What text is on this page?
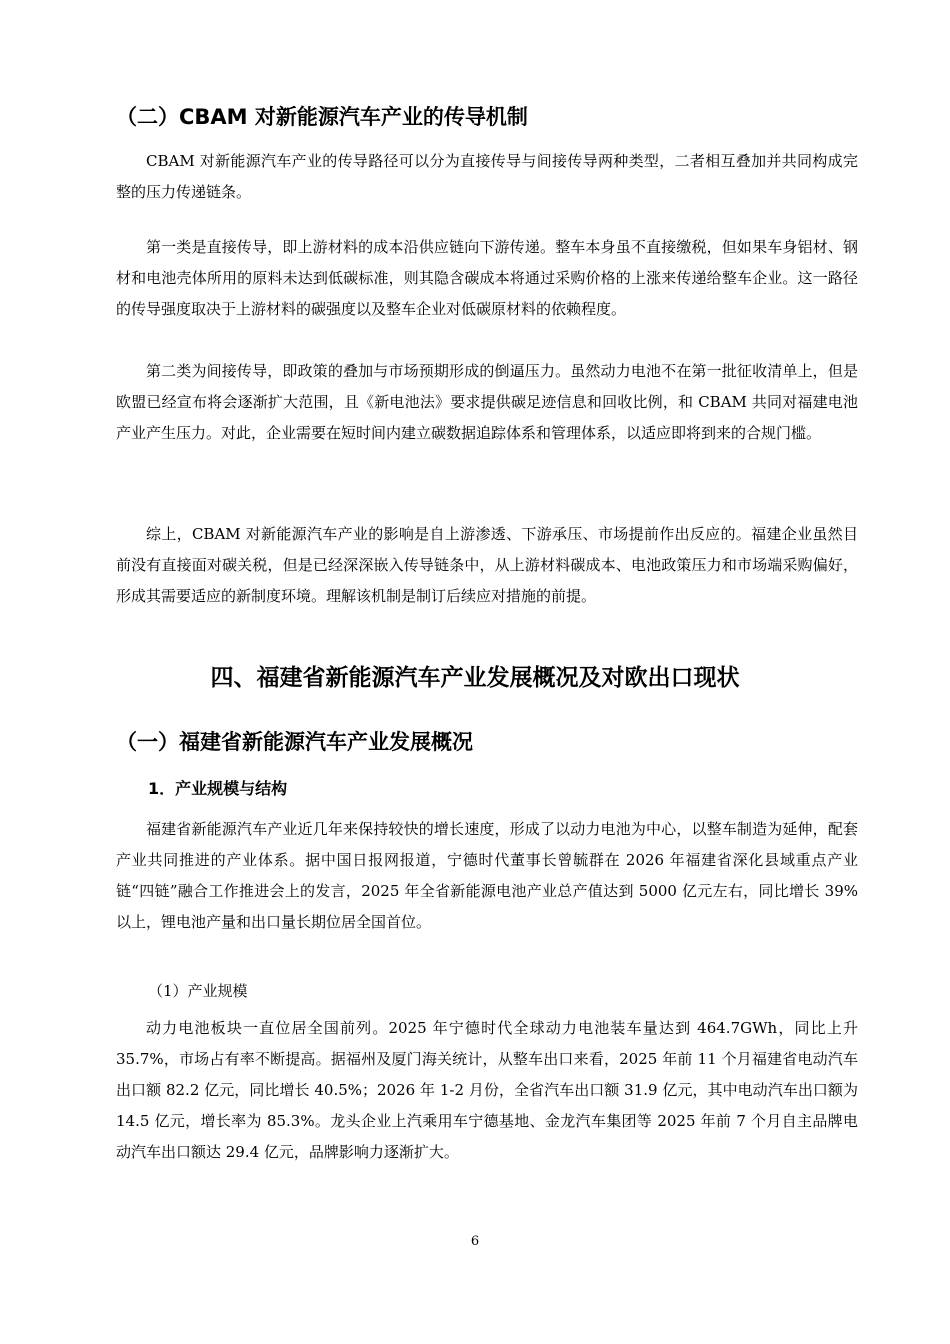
（二）CBAM 对新能源汽车产业的传导机制

CBAM 对新能源汽车产业的传导路径可以分为直接传导与间接传导两种类型，二者相互叠加并共同构成完整的压力传递链条。

第一类是直接传导，即上游材料的成本沿供应链向下游传递。整车本身虽不直接缴税，但如果车身铝材、钢材和电池壳体所用的原料未达到低碳标准，则其隐含碳成本将通过采购价格的上涨来传递给整车企业。这一路径的传导强度取决于上游材料的碳强度以及整车企业对低碳原材料的依赖程度。

第二类为间接传导，即政策的叠加与市场预期形成的倒逼压力。虽然动力电池不在第一批征收清单上，但是欧盟已经宣布将会逐渐扩大范围，且《新电池法》要求提供碳足迹信息和回收比例，和 CBAM 共同对福建电池产业产生压力。对此，企业需要在短时间内建立碳数据追踪体系和管理体系，以适应即将到来的合规门槛。

综上，CBAM 对新能源汽车产业的影响是自上游渗透、下游承压、市场提前作出反应的。福建企业虽然目前没有直接面对碳关税，但是已经深深嵌入传导链条中，从上游材料碳成本、电池政策压力和市场端采购偏好，形成其需要适应的新制度环境。理解该机制是制订后续应对措施的前提。

四、福建省新能源汽车产业发展概况及对欧出口现状
（一）福建省新能源汽车产业发展概况
1．产业规模与结构

福建省新能源汽车产业近几年来保持较快的增长速度，形成了以动力电池为中心，以整车制造为延伸，配套产业共同推进的产业体系。据中国日报网报道，宁德时代董事长曾毓群在 2026 年福建省深化县域重点产业链“四链”融合工作推进会上的发言，2025 年全省新能源电池产业总产值达到 5000 亿元左右，同比增长 39%以上，锂电池产量和出口量长期位居全国首位。

（1）产业规模

动力电池板块一直位居全国前列。2025 年宁德时代全球动力电池装车量达到 464.7GWh，同比上升 35.7%，市场占有率不断提高。据福州及厦门海关统计，从整车出口来看，2025 年前 11 个月福建省电动汽车出口额 82.2 亿元，同比增长 40.5%；2026 年 1-2 月份，全省汽车出口额 31.9 亿元，其中电动汽车出口额为 14.5 亿元，增长率为 85.3%。龙头企业上汽乘用车宁德基地、金龙汽车集团等 2025 年前 7 个月自主品牌电动汽车出口额达 29.4 亿元，品牌影响力逐渐扩大。

6
